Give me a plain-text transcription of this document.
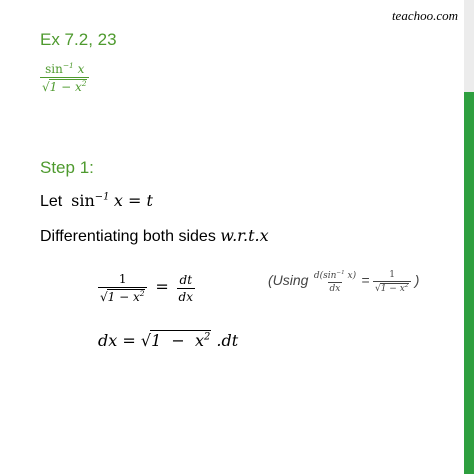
teachoo.com
Ex 7.2, 23
$\frac{\sin^{-1} x}{√1 - x^2}$
Step 1:
Let $\sin^{-1} x = t$
Differentiating both sides w.r.t.x
$\frac{1}{√1 - x^2} = \frac{dt}{dx}$	($Using \frac{d(\sin^{-1} x)}{dx} = \frac{1}{√1 - x^2}$ )
dx = $√1 - x^2$ .dt
